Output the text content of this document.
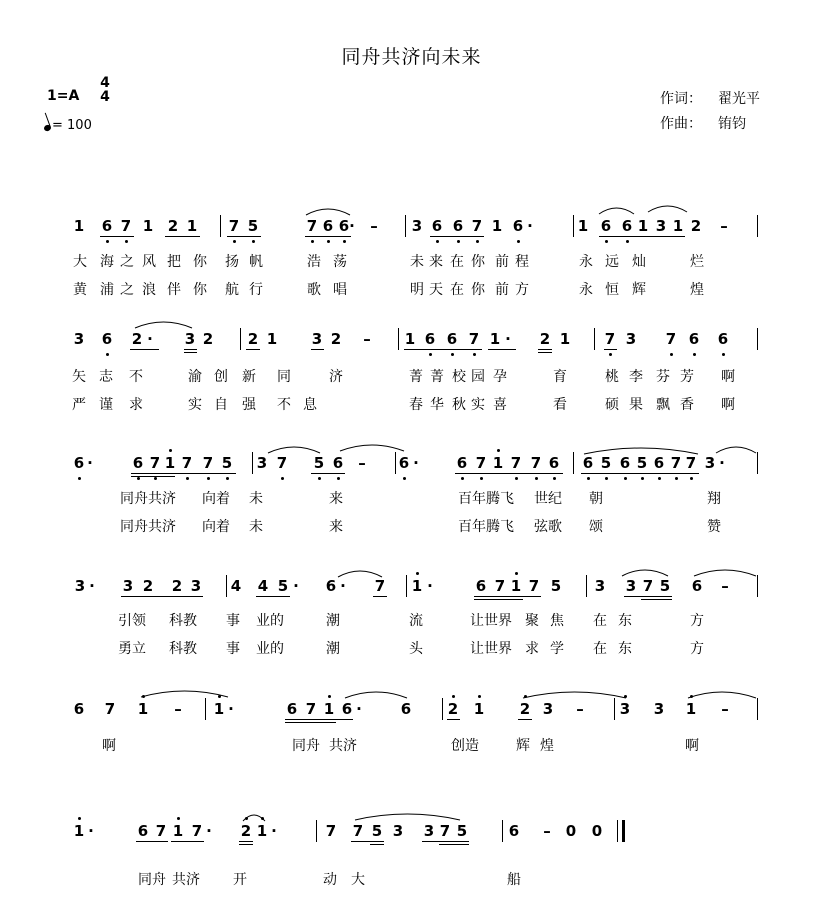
同舟共济向未来
1=A
4
4
= 100
作词： 翟光平
作曲： 铕钧
1 6 7 1 2 1 7 5	7 6 6 · – 3 6 6 7 1 6 ·	1 6 6 1 3 1 2 –
大 海 之 风 把 你 扬 帆	浩 荡	未 来 在 你 前 程	永 远 灿	烂
黄 浦 之 浪 伴 你 航 行	歌 唱	明 天 在 你 前 方	永 恒 辉	煌
3 6 2 · 3 2 2 1 3 2 – 1 6 6 7 1 · 2 1 7 3 7 6 6
矢 志 不	渝 创 新 同	济	菁 菁 校 园 孕	育	桃 李 芬 芳 啊
严 谨 求	实 自 强 不 息	春 华 秋 实 喜	看	硕 果 飘 香 啊
6 ·	6 7 1 7 7 5 3 7 5 6 – 6 ·	6 7 1 7 7 6 6 5 6 5 6 7 7 3 ·
同舟共济 向着 未	来	百年腾飞 世纪 朝	翔
同舟共济 向着 未	来	百年腾飞 弦歌 颂	赞
3 · 3 2 2 3 4 4 5 · 6 · 7 1 ·	6 7 1 7 5 3 3 7 5 6 –
引领 科教 事 业的	潮	流	让世界 聚 焦 在 东	方
勇立 科教 事 业的	潮	头	让世界 求 学 在 东	方
6 7 1 – 1 ·	6 7 1 6 ·	6 2 1 2 3 – 3 3 1 –
啊	同舟 共济	创造	辉 煌	啊
1 ·	6 7 1 7 · 2 1 ·	7 7 5 3 3 7 5	6 – 0 0
同舟 共济 开	动 大	船
